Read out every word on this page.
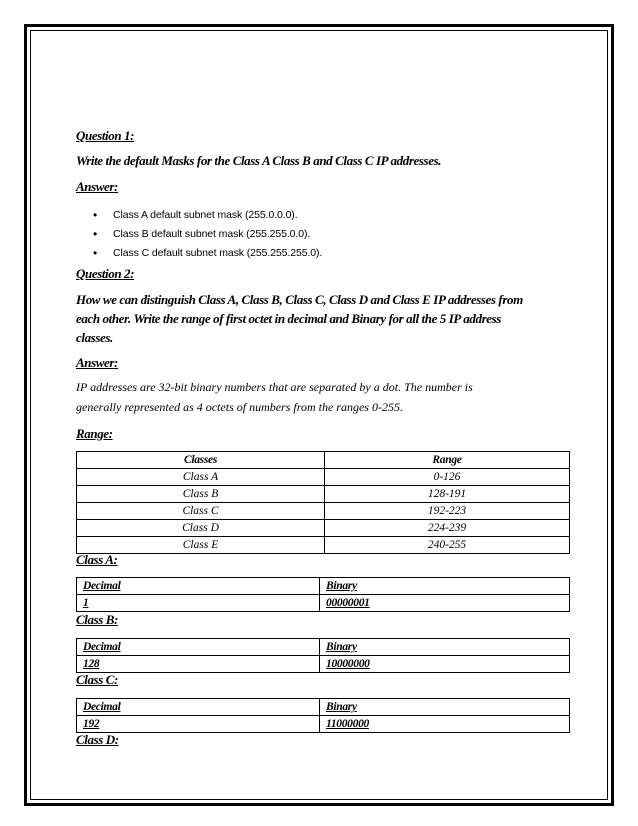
Question 1:
Write the default Masks for the Class A Class B and Class C IP addresses.
Answer:
• Class A default subnet mask (255.0.0.0).
• Class B default subnet mask (255.255.0.0).
• Class C default subnet mask (255.255.255.0).
Question 2:
How we can distinguish Class A, Class B, Class C, Class D and Class E IP addresses from
each other. Write the range of first octet in decimal and Binary for all the 5 IP address
classes.
Answer:
IP addresses are 32-bit binary numbers that are separated by a dot. The number is
generally represented as 4 octets of numbers from the ranges 0-255.
Range:
Classes	Range
Class A	0-126
Class B	128-191
Class C	192-223
Class D	224-239
Class E	240-255
Class A:
Decimal	Binary
1	00000001
Class B:
Decimal	Binary
128	10000000
Class C:
Decimal	Binary
192	11000000
Class D:
